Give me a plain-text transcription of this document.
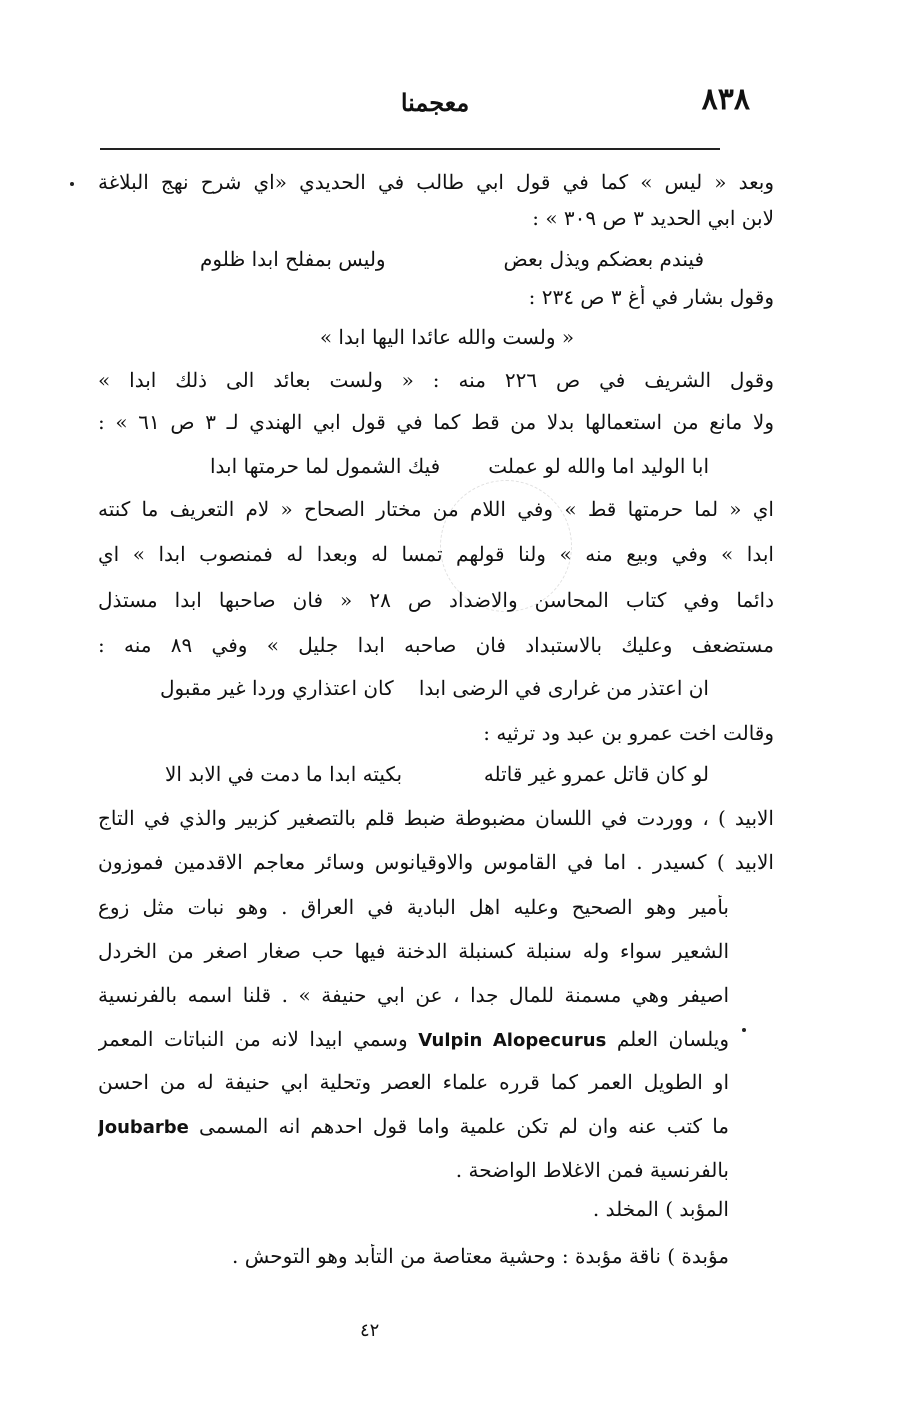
٨٣٨
معجمنا
وبعد « ليس » كما في قول ابي طالب في الحديدي «اي شرح نهج البلاغة
لابن ابي الحديد ٣ ص ٣٠٩ » :
فيندم بعضكم ويذل بعض
وليس بمفلح ابدا ظلوم
وقول بشار في أغ ٣ ص ٢٣٤ :
« ولست والله عائدا اليها ابدا »
وقول الشريف في ص ٢٢٦ منه : « ولست بعائد الى ذلك ابدا »
ولا مانع من استعمالها بدلا من قط كما في قول ابي الهندي لـ ٣ ص ٦١ » :
ابا الوليد اما والله لو عملت
فيك الشمول لما حرمتها ابدا
اي « لما حرمتها قط » وفي اللام من مختار الصحاح « لام التعريف ما كنته
ابدا » وفي وبيع منه » ولنا قولهم تمسا له وبعدا له فمنصوب ابدا » اي
دائما وفي كتاب المحاسن والاضداد ص ٢٨ « فان صاحبها ابدا مستذل
مستضعف وعليك بالاستبداد فان صاحبه ابدا جليل » وفي ٨٩ منه :
ان اعتذر من غرارى في الرضى ابدا
كان اعتذاري وردا غير مقبول
وقالت اخت عمرو بن عبد ود ترثيه :
لو كان قاتل عمرو غير قاتله
بكيته ابدا ما دمت في الابد الا
الابيد ) ، ووردت في اللسان مضبوطة ضبط قلم بالتصغير كزبير والذي في التاج
الابيد ) كسيدر . اما في القاموس والاوقيانوس وسائر معاجم الاقدمين فموزون
بأمير وهو الصحيح وعليه اهل البادية في العراق . وهو نبات مثل زوع
الشعير سواء وله سنبلة كسنبلة الدخنة فيها حب صغار اصغر من الخردل
اصيفر وهي مسمنة للمال جدا ، عن ابي حنيفة » . قلنا اسمه بالفرنسية
ويلسان العلم Vulpin Alopecurus وسمي ابيدا لانه من النباتات المعمر
او الطويل العمر كما قرره علماء العصر وتحلية ابي حنيفة له من احسن
ما كتب عنه وان لم تكن علمية واما قول احدهم انه المسمى Joubarbe
بالفرنسية فمن الاغلاط الواضحة .
المؤبد ) المخلد .
مؤبدة ) ناقة مؤبدة : وحشية معتاصة من التأبد وهو التوحش .
٤٢
